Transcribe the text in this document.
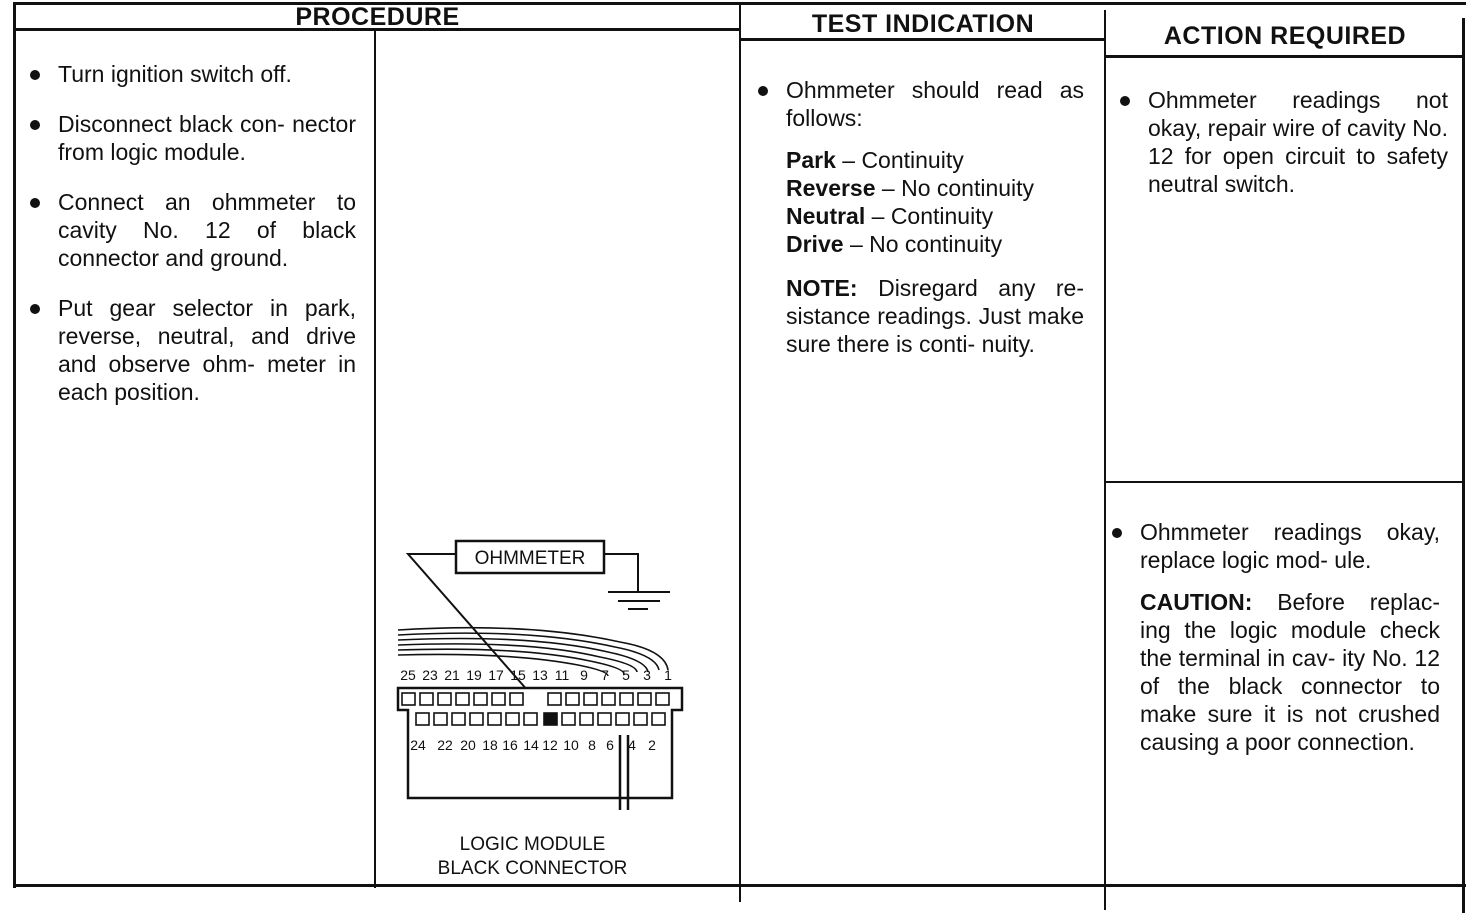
PROCEDURE	TEST INDICATION	ACTION REQUIRED
Turn ignition switch off.
Disconnect black con- nector from logic module.
Connect an ohmmeter to cavity No. 12 of black connector and ground.
Put gear selector in park, reverse, neutral, and drive and observe ohm- meter in each position.
OHMMETER
25 23 21 19 17 15 13 11 9 7 5 3 1
24 22 20 18 16 14 12 10 8 6 4 2
LOGIC MODULE
BLACK CONNECTOR
Ohmmeter should read as follows:

Park – Continuity

Reverse – No continuity

Neutral – Continuity

Drive – No continuity

NOTE: Disregard any re- sistance readings. Just make sure there is conti- nuity.

Ohmmeter readings not okay, repair wire of cavity No. 12 for open circuit to safety neutral switch.
Ohmmeter readings okay, replace logic mod- ule.

CAUTION: Before replac- ing the logic module check the terminal in cav- ity No. 12 of the black connector to make sure it is not crushed causing a poor connection.
